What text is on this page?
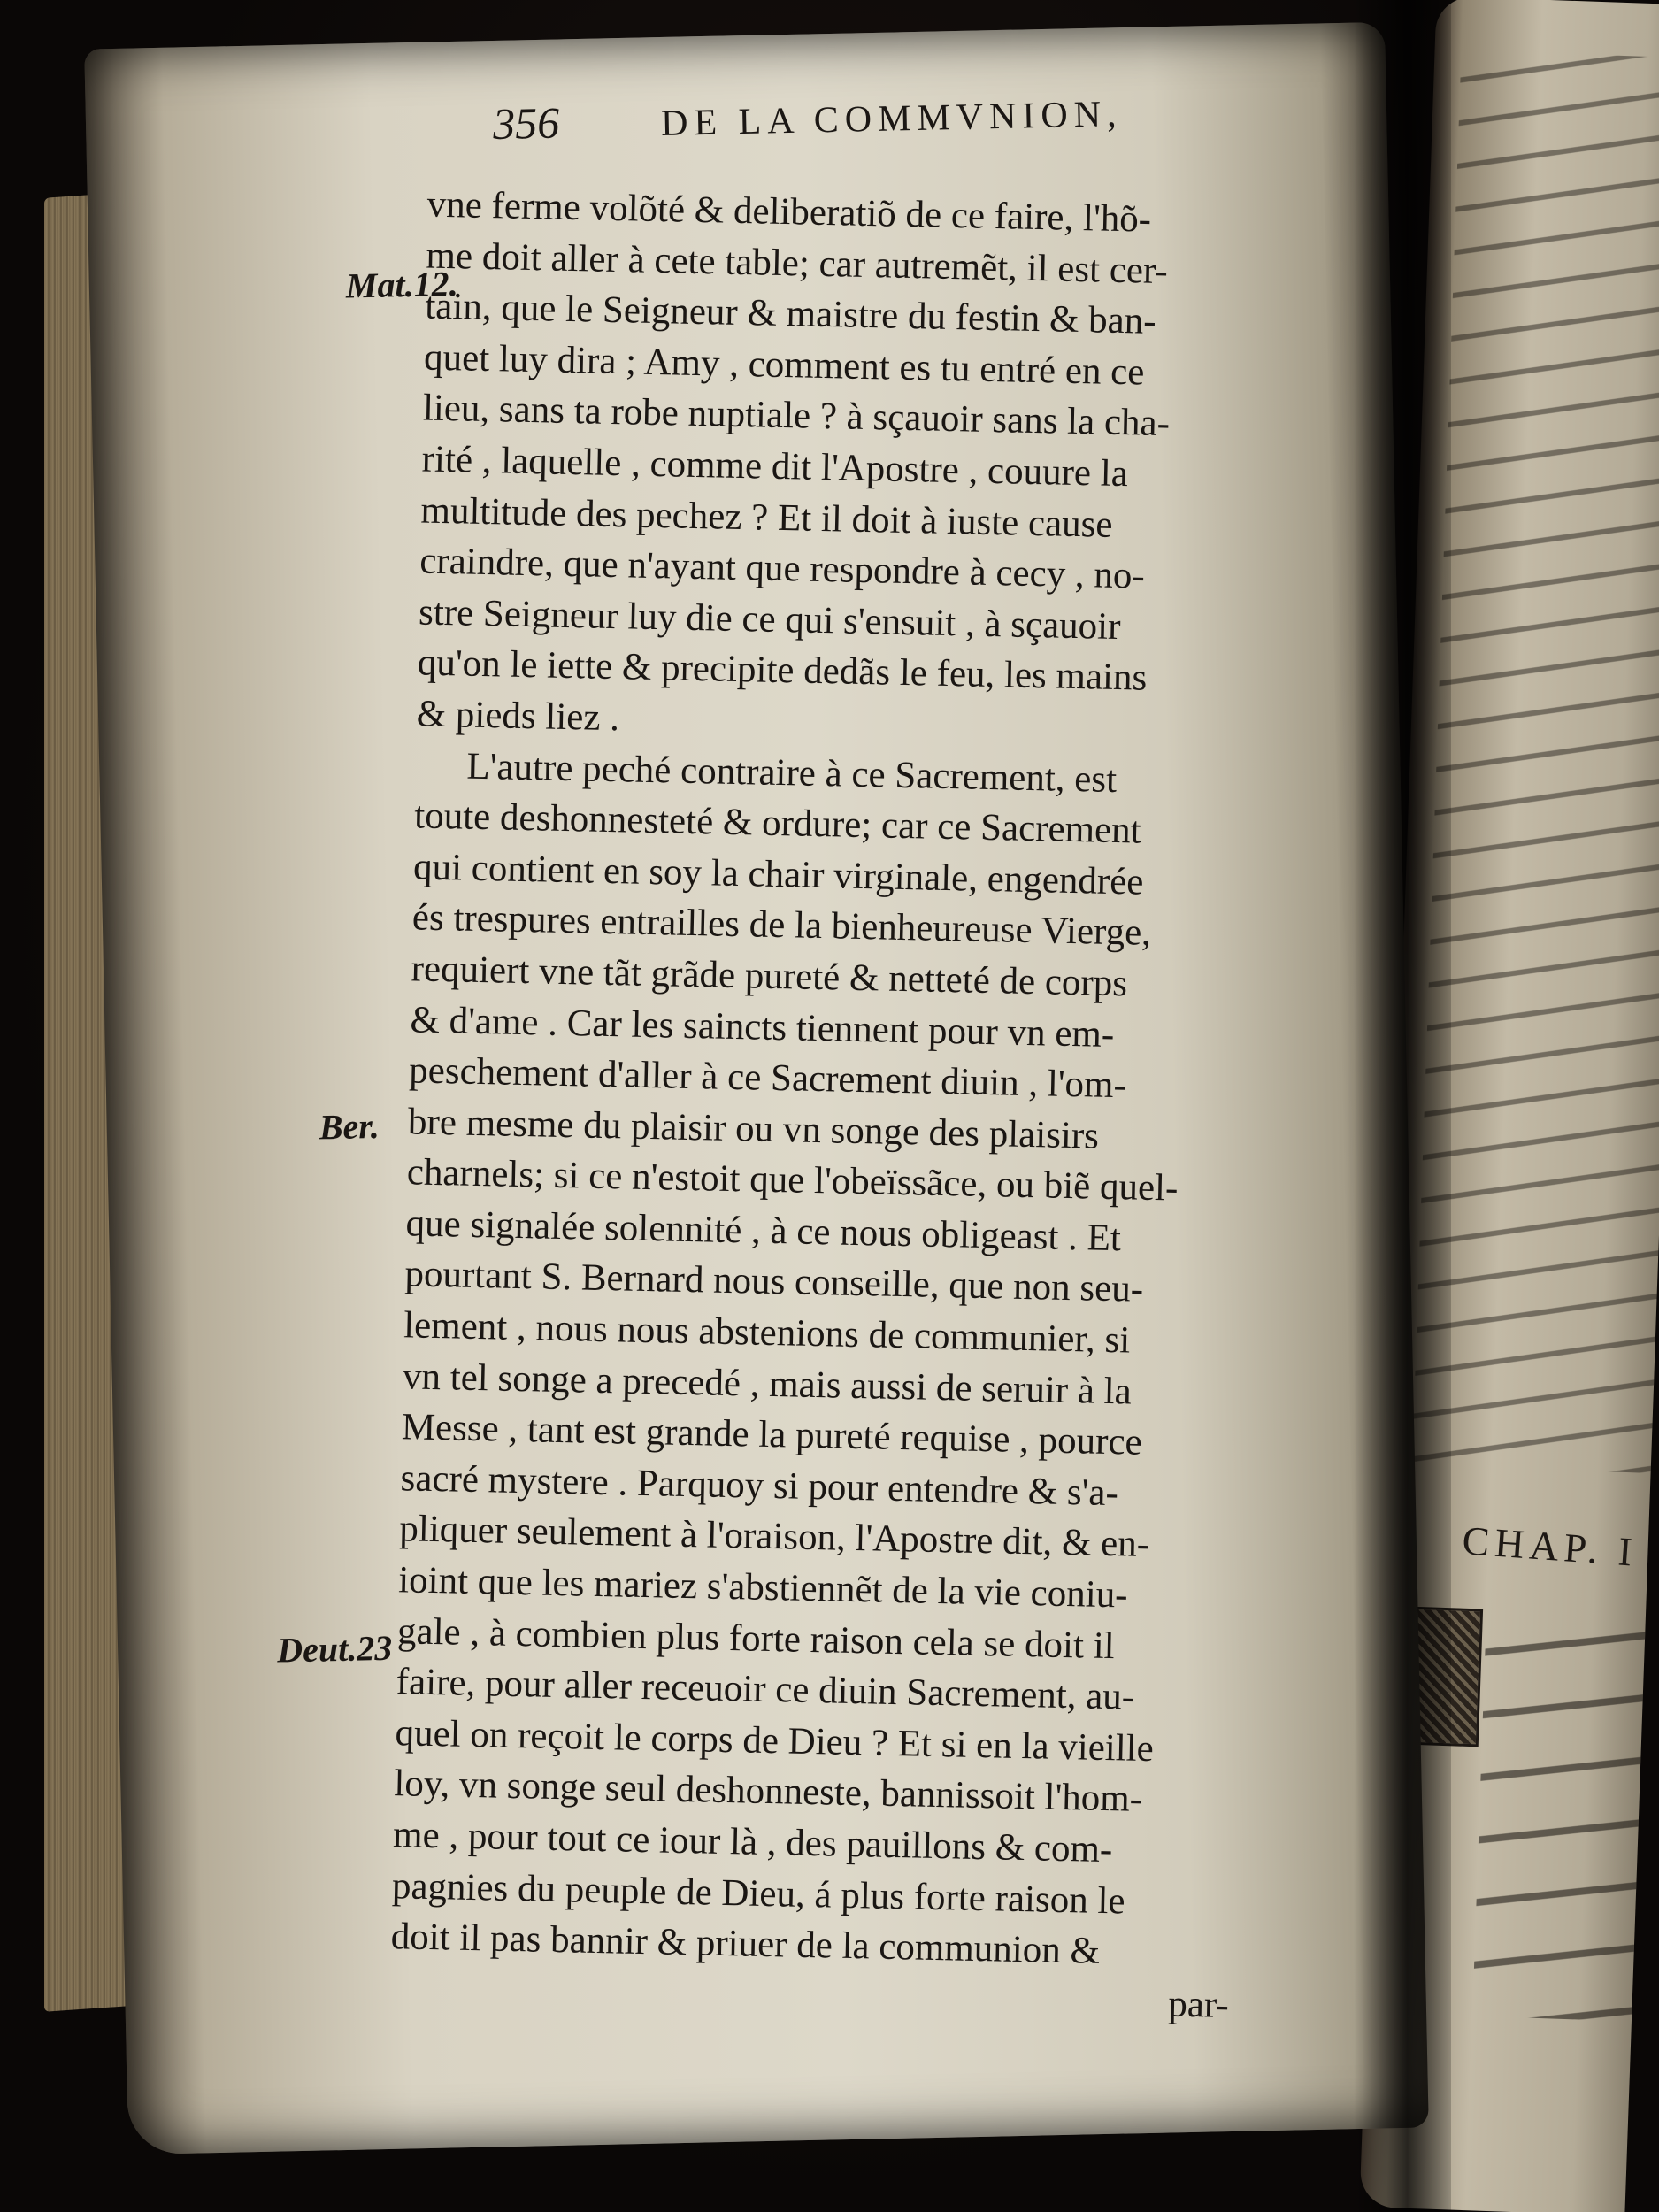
CHAP. I
356	DE LA COMMVNION,
Mat.12.
Ber.
Deut.23
vne ferme volõté & deliberatiõ de ce faire, l'hõ-
me doit aller à cete table; car autremẽt, il est cer-
tain, que le Seigneur & maistre du festin & ban-
quet luy dira ; Amy , comment es tu entré en ce
lieu, sans ta robe nuptiale ? à sçauoir sans la cha-
rité , laquelle , comme dit l'Apostre , couure la
multitude des pechez ? Et il doit à iuste cause
craindre, que n'ayant que respondre à cecy , no-
stre Seigneur luy die ce qui s'ensuit , à sçauoir
qu'on le iette & precipite dedãs le feu, les mains
& pieds liez .
L'autre peché contraire à ce Sacrement, est
toute deshonnesteté & ordure; car ce Sacrement
qui contient en soy la chair virginale, engendrée
és trespures entrailles de la bienheureuse Vierge,
requiert vne tãt grãde pureté & netteté de corps
& d'ame . Car les saincts tiennent pour vn em-
peschement d'aller à ce Sacrement diuin , l'om-
bre mesme du plaisir ou vn songe des plaisirs
charnels; si ce n'estoit que l'obeïssãce, ou biẽ quel-
que signalée solennité , à ce nous obligeast . Et
pourtant S. Bernard nous conseille, que non seu-
lement , nous nous abstenions de communier, si
vn tel songe a precedé , mais aussi de seruir à la
Messe , tant est grande la pureté requise , pource
sacré mystere . Parquoy si pour entendre & s'a-
pliquer seulement à l'oraison, l'Apostre dit, & en-
ioint que les mariez s'abstiennẽt de la vie coniu-
gale , à combien plus forte raison cela se doit il
faire, pour aller receuoir ce diuin Sacrement, au-
quel on reçoit le corps de Dieu ? Et si en la vieille
loy, vn songe seul deshonneste, bannissoit l'hom-
me , pour tout ce iour là , des pauillons & com-
pagnies du peuple de Dieu, á plus forte raison le
doit il pas bannir & priuer de la communion &
par-
